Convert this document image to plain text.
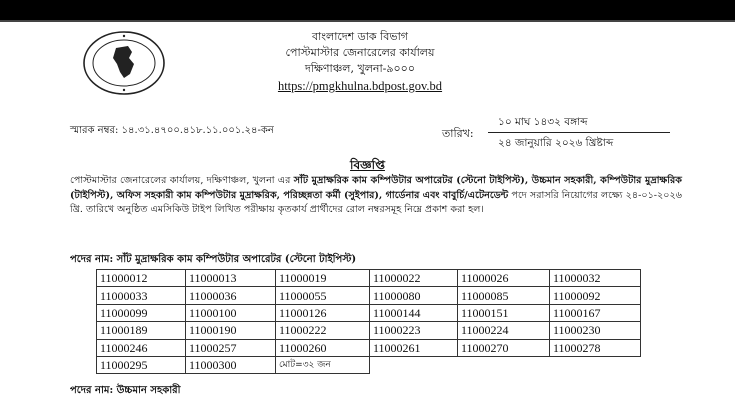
বাংলাদেশ ডাক বিভাগ
পোস্টমাস্টার জেনারেলের কার্যালয়
দক্ষিণাঞ্চল, খুলনা-৯০০০
https://pmgkhulna.bdpost.gov.bd
স্মারক নম্বর: ১৪.৩১.৪৭০০.৪১৮.১১.০০১.২৪-কন	তারিখ:
১০ মাঘ ১৪৩২ বঙ্গাব্দ
২৪ জানুয়ারি ২০২৬ খ্রিষ্টাব্দ
বিজ্ঞপ্তি
পোস্টমাস্টার জেনারেলের কার্যালয়, দক্ষিণাঞ্চল, খুলনা এর সাঁট মুদ্রাক্ষরিক কাম কম্পিউটার অপারেটর (স্টেনো টাইপিস্ট), উচ্চমান সহকারী, কম্পিউটার মুদ্রাক্ষরিক (টাইপিস্ট), অফিস সহকারী কাম কম্পিউটার মুদ্রাক্ষরিক, পরিচ্ছন্নতা কর্মী (সুইপার), গার্ডেনার এবং বাবুর্চি/এটেনডেন্ট পদে সরাসরি নিয়োগের লক্ষ্যে ২৪-০১-২০২৬ খ্রি. তারিখে অনুষ্ঠিত এমসিকিউ টাইপ লিখিত পরীক্ষায় কৃতকার্য প্রার্থীদের রোল নম্বরসমূহ নিম্নে প্রকাশ করা হল।
পদের নাম: সাঁট মুদ্রাক্ষরিক কাম কম্পিউটার অপারেটর (স্টেনো টাইপিস্ট)
11000012	11000013	11000019	11000022	11000026	11000032
11000033	11000036	11000055	11000080	11000085	11000092
11000099	11000100	11000126	11000144	11000151	11000167
11000189	11000190	11000222	11000223	11000224	11000230
11000246	11000257	11000260	11000261	11000270	11000278
11000295	11000300	মোট=৩২ জন			
পদের নাম: উচ্চমান সহকারী
